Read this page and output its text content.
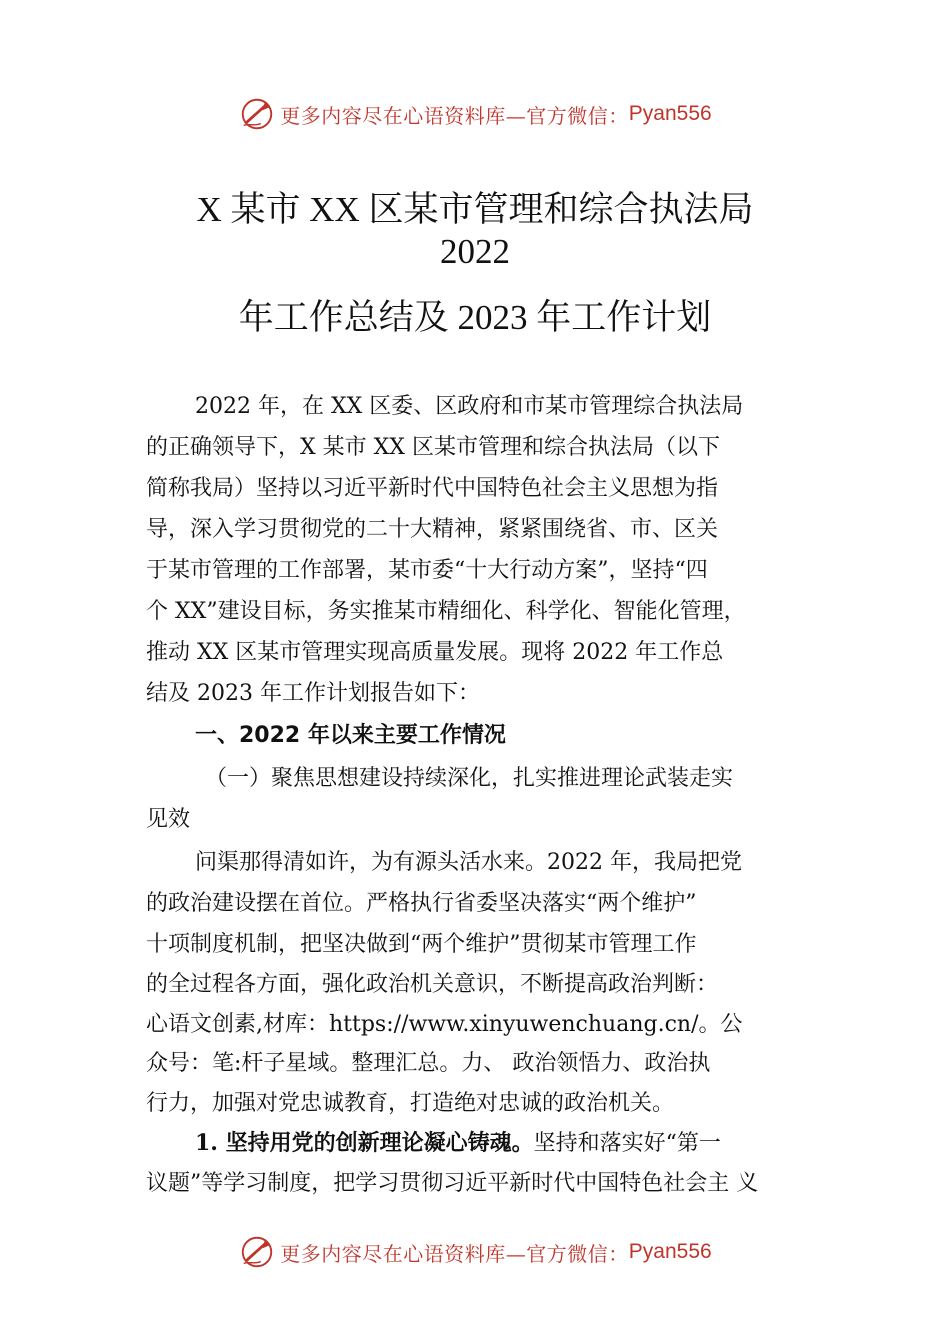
更多内容尽在心语资料库—官方微信： Pyan556
X 某市 XX 区某市管理和综合执法局
2022
年工作总结及 2023 年工作计划
2022 年，在 XX 区委、区政府和市某市管理综合执法局
的正确领导下，X 某市 XX 区某市管理和综合执法局（以下
简称我局）坚持以习近平新时代中国特色社会主义思想为指
导，深入学习贯彻党的二十大精神，紧紧围绕省、市、区关
于某市管理的工作部署，某市委“十大行动方案”，坚持“四
个 XX”建设目标，务实推某市精细化、科学化、智能化管理，
推动 XX 区某市管理实现高质量发展。现将 2022 年工作总
结及 2023 年工作计划报告如下：
一、2022 年以来主要工作情况
（一）聚焦思想建设持续深化，扎实推进理论武装走实
见效
问渠那得清如许，为有源头活水来。2022 年，我局把党
的政治建设摆在首位。严格执行省委坚决落实“两个维护”
十项制度机制，把坚决做到“两个维护”贯彻某市管理工作
的全过程各方面，强化政治机关意识，不断提高政治判断：
心语文创素,材库：https://www.xinyuwenchuang.cn/。公
众号：笔:杆子星域。整理汇总。力、 政治领悟力、政治执
行力，加强对党忠诚教育，打造绝对忠诚的政治机关。
1. 坚持用党的创新理论凝心铸魂。坚持和落实好“第一
议题”等学习制度，把学习贯彻习近平新时代中国特色社会主 义
更多内容尽在心语资料库—官方微信： Pyan556
